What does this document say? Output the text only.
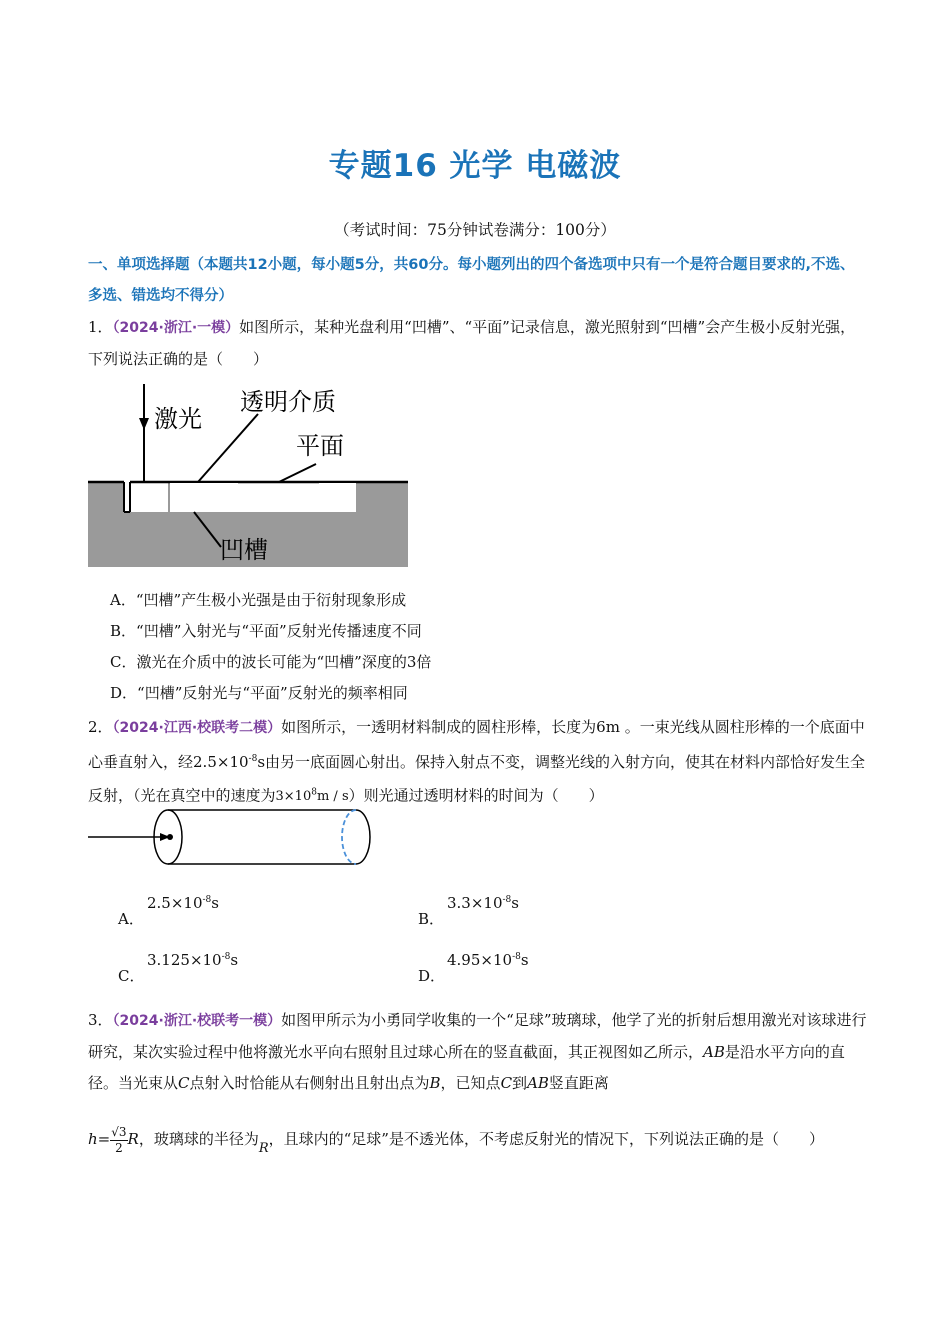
专题16 光学 电磁波
（考试时间：75分钟试卷满分：100分）
一、单项选择题（本题共12小题，每小题5分，共60分。每小题列出的四个备选项中只有一个是符合题目要求的,不选、多选、错选均不得分）
1．（2024·浙江·一模）如图所示，某种光盘利用“凹槽”、“平面”记录信息，激光照射到“凹槽”会产生极小反射光强，下列说法正确的是（　　）
激光
透明介质
平面
凹槽
A．“凹槽”产生极小光强是由于衍射现象形成
B．“凹槽”入射光与“平面”反射光传播速度不同
C．激光在介质中的波长可能为“凹槽”深度的3倍
D．“凹槽”反射光与“平面”反射光的频率相同
2．（2024·江西·校联考二模）如图所示，一透明材料制成的圆柱形棒，长度为6m 。一束光线从圆柱形棒的一个底面中心垂直射入，经$2.5\times 10^{-8}s$由另一底面圆心射出。保持入射点不变，调整光线的入射方向，使其在材料内部恰好发生全反射，（光在真空中的速度为$3\times 10^8m / s$）则光通过透明材料的时间为（　　）
A．
$2.5\times 10^{-8}s$
B．
$3.3\times 10^{-8}s$
C．
$3.125\times 10^{-8}s$
D．
$4.95\times 10^{-8}s$
3．（2024·浙江·校联考一模）如图甲所示为小勇同学收集的一个“足球”玻璃球，他学了光的折射后想用激光对该球进行研究，某次实验过程中他将激光水平向右照射且过球心所在的竖直截面，其正视图如乙所示，AB是沿水平方向的直径。当光束从C点射入时恰能从右侧射出且射出点为B，已知点C到AB竖直距离
$h= \frac{√3}{2}$ R，玻璃球的半径为R，且球内的“足球”是不透光体，不考虑反射光的情况下，下列说法正确的是（　　）
